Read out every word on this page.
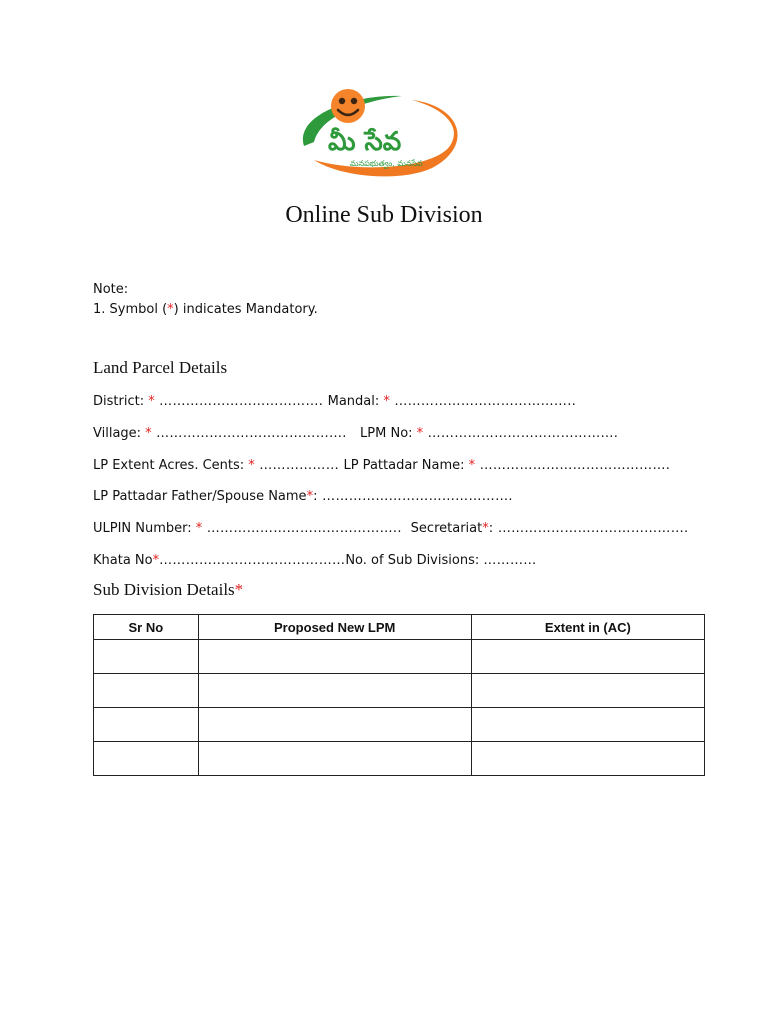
మీ సేవ
మనపభుత్వం, మనసేవ
Online Sub Division
Note:
1. Symbol (*) indicates Mandatory.
Land Parcel Details
District: * ………………………………. Mandal: * …………………………………..
Village: * …………………………………….   LPM No: * …………………………………….
LP Extent Acres. Cents: * ……………… LP Pattadar Name: * …………………………………….
LP Pattadar Father/Spouse Name*: …………………………………….
ULPIN Number: * ……………………………………..  Secretariat*: …………………………………….
Khata No*……………………………………No. of Sub Divisions: …………
Sub Division Details*
Sr No	Proposed New LPM	Extent in (AC)
